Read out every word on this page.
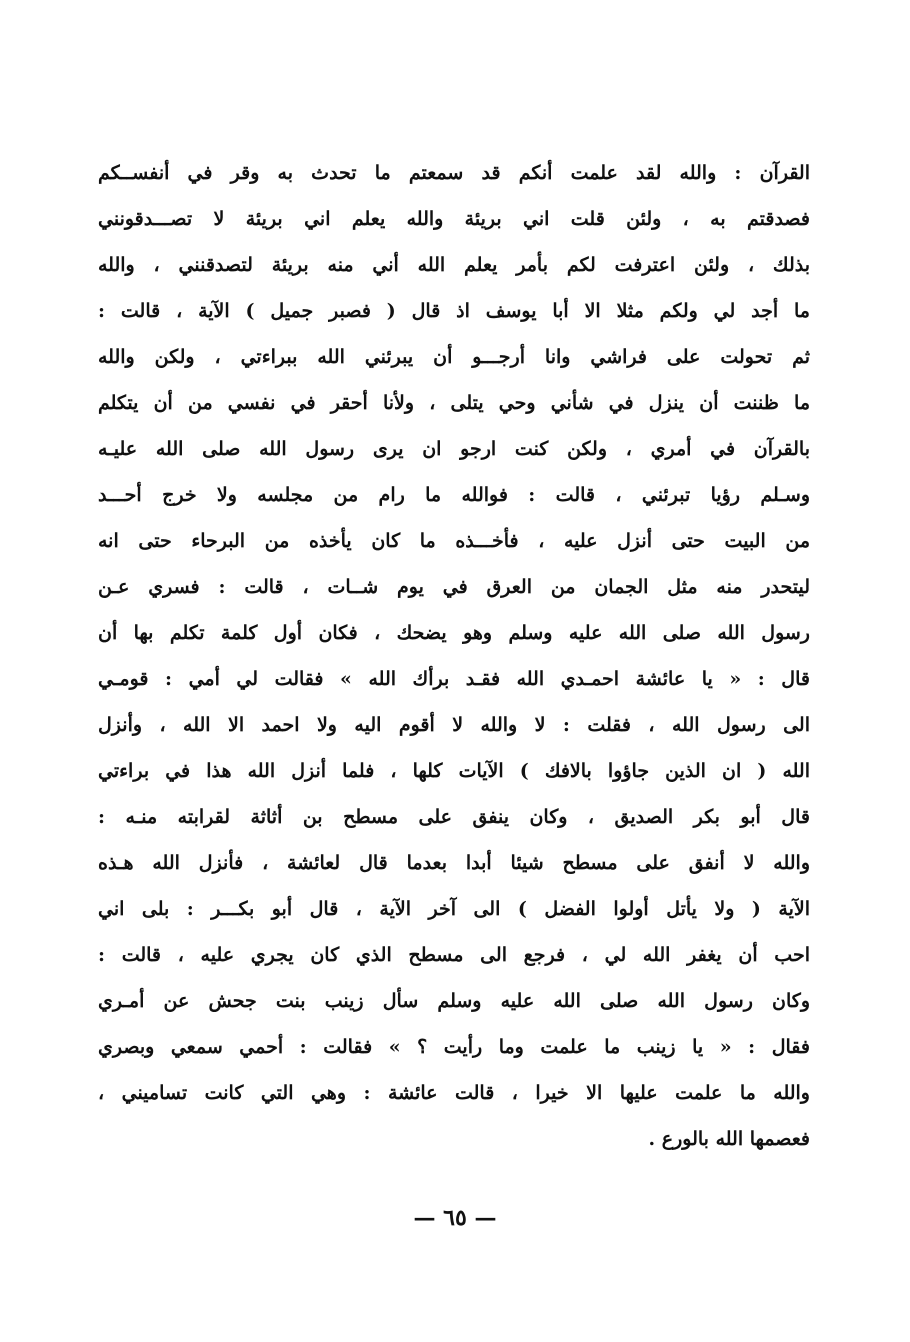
القرآن : والله لقد علمت أنكم قد سمعتم ما تحدث به وقر في أنفســكم
فصدقتم به ، ولئن قلت اني بريئة والله يعلم اني بريئة لا تصـــدقونني
بذلك ، ولئن اعترفت لكم بأمر يعلم الله أني منه بريئة لتصدقنني ، والله
ما أجد لي ولكم مثلا الا أبا يوسف اذ قال ( فصبر جميل ) الآية ، قالت :
ثم تحولت على فراشي وانا أرجـــو أن يبرئني الله ببراءتي ، ولكن والله
ما ظننت أن ينزل في شأني وحي يتلى ، ولأنا أحقر في نفسي من أن يتكلم
بالقرآن في أمري ، ولكن كنت ارجو ان يرى رسول الله صلى الله عليـه
وسـلم رؤيا تبرئني ، قالت : فوالله ما رام من مجلسه ولا خرج أحـــد
من البيت حتى أنزل عليه ، فأخـــذه ما كان يأخذه من البرحاء حتى انه
ليتحدر منه مثل الجمان من العرق في يوم شــات ، قالت : فسري عـن
رسول الله صلى الله عليه وسلم وهو يضحك ، فكان أول كلمة تكلم بها أن
قال : « يا عائشة احمـدي الله فقـد برأك الله » فقالت لي أمي : قومـي
الى رسول الله ، فقلت : لا والله لا أقوم اليه ولا احمد الا الله ، وأنزل
الله ( ان الذين جاؤوا بالافك ) الآيات كلها ، فلما أنزل الله هذا في براءتي
قال أبو بكر الصديق ، وكان ينفق على مسطح بن أثاثة لقرابته منـه :
والله لا أنفق على مسطح شيئا أبدا بعدما قال لعائشة ، فأنزل الله هـذه
الآية ( ولا يأتل أولوا الفضل ) الى آخر الآية ، قال أبو بكـــر : بلى اني
احب أن يغفر الله لي ، فرجع الى مسطح الذي كان يجري عليه ، قالت :
وكان رسول الله صلى الله عليه وسلم سأل زينب بنت جحش عن أمـري
فقال : « يا زينب ما علمت وما رأيت ؟ » فقالت : أحمي سمعي وبصري
والله ما علمت عليها الا خيرا ، قالت عائشة : وهي التي كانت تساميني ،
فعصمها الله بالورع .
— ٦٥ —
